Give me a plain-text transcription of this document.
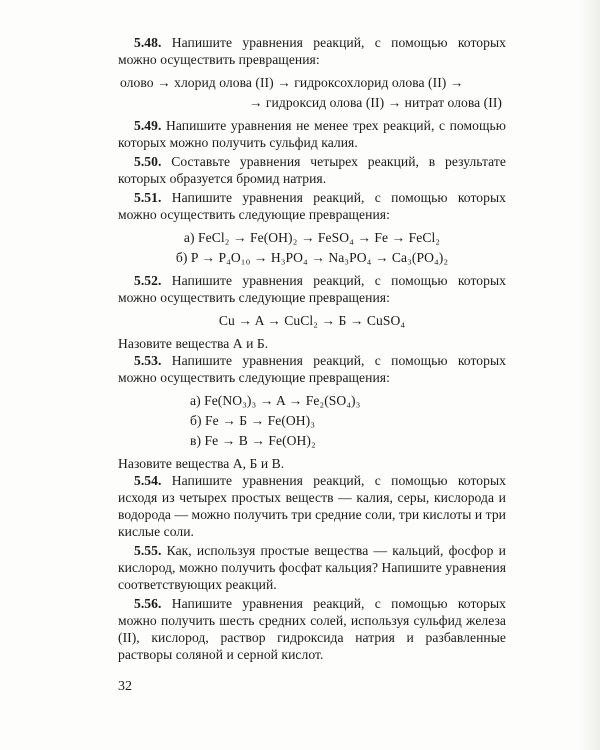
5.48. Напишите уравнения реакций, с помощью которых можно осуществить превращения:

олово → хлорид олова (II) → гидроксохлорид олова (II) →

→ гидроксид олова (II) → нитрат олова (II)

5.49. Напишите уравнения не менее трех реакций, с помощью которых можно получить сульфид калия.

5.50. Составьте уравнения четырех реакций, в результате которых образуется бромид натрия.

5.51. Напишите уравнения реакций, с помощью которых можно осуществить следующие превращения:

а) FeCl₂ → Fe(OH)₂ → FeSO₄ → Fe → FeCl₂

б) P → P₄O₁₀ → H₃PO₄ → Na₃PO₄ → Ca₃(PO₄)₂

5.52. Напишите уравнения реакций, с помощью которых можно осуществить следующие превращения:

Cu → A → CuCl₂ → Б → CuSO₄

Назовите вещества А и Б.

5.53. Напишите уравнения реакций, с помощью которых можно осуществить следующие превращения:

а) Fe(NO₃)₃ → A → Fe₂(SO₄)₃

б) Fe → Б → Fe(OH)₃

в) Fe → В → Fe(OH)₂

Назовите вещества А, Б и В.

5.54. Напишите уравнения реакций, с помощью которых исходя из четырех простых веществ — калия, серы, кислорода и водорода — можно получить три средние соли, три кислоты и три кислые соли.

5.55. Как, используя простые вещества — кальций, фосфор и кислород, можно получить фосфат кальция? Напишите уравнения соответствующих реакций.

5.56. Напишите уравнения реакций, с помощью которых можно получить шесть средних солей, используя сульфид железа (II), кислород, раствор гидроксида натрия и разбавленные растворы соляной и серной кислот.

32
